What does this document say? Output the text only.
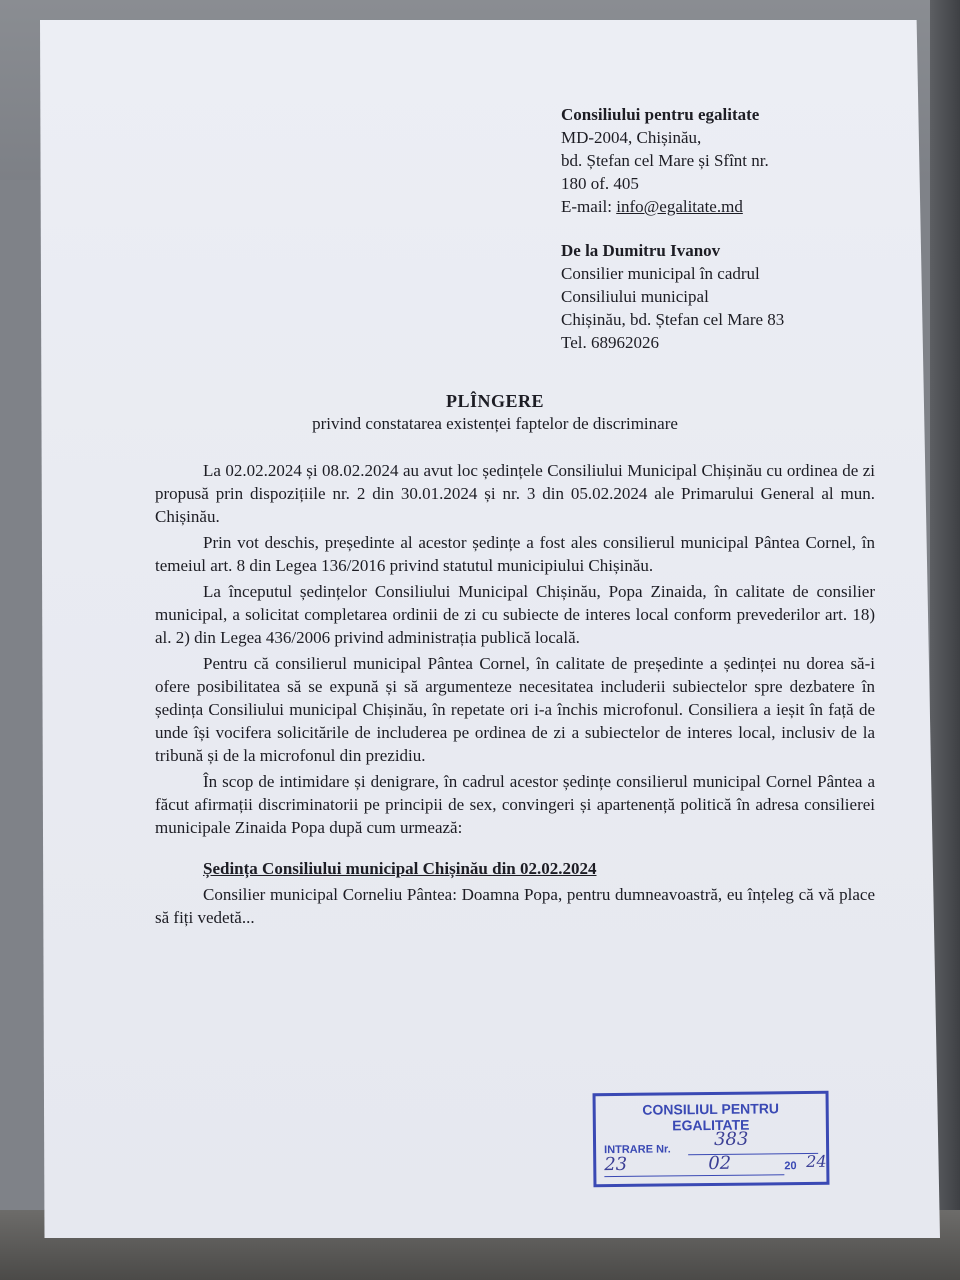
Consiliului pentru egalitate
MD-2004, Chișinău,
bd. Ștefan cel Mare și Sfînt nr.
180 of. 405
E-mail: info@egalitate.md
De la Dumitru Ivanov
Consilier municipal în cadrul
Consiliului municipal
Chișinău, bd. Ștefan cel Mare 83
Tel. 68962026
PLÎNGERE
privind constatarea existenței faptelor de discriminare

La 02.02.2024 și 08.02.2024 au avut loc ședințele Consiliului Municipal Chișinău cu ordinea de zi propusă prin dispozițiile nr. 2 din 30.01.2024 și nr. 3 din 05.02.2024 ale Primarului General al mun. Chișinău.

Prin vot deschis, președinte al acestor ședințe a fost ales consilierul municipal Pântea Cornel, în temeiul art. 8 din Legea 136/2016 privind statutul municipiului Chișinău.

La începutul ședințelor Consiliului Municipal Chișinău, Popa Zinaida, în calitate de consilier municipal, a solicitat completarea ordinii de zi cu subiecte de interes local conform prevederilor art. 18) al. 2) din Legea 436/2006 privind administrația publică locală.

Pentru că consilierul municipal Pântea Cornel, în calitate de președinte a ședinței nu dorea să-i ofere posibilitatea să se expună și să argumenteze necesitatea includerii subiectelor spre dezbatere în ședința Consiliului municipal Chișinău, în repetate ori i-a închis microfonul. Consiliera a ieșit în față de unde își vocifera solicitările de includerea pe ordinea de zi a subiectelor de interes local, inclusiv de la tribună și de la microfonul din prezidiu.

În scop de intimidare și denigrare, în cadrul acestor ședințe consilierul municipal Cornel Pântea a făcut afirmații discriminatorii pe principii de sex, convingeri și apartenență politică în adresa consilierei municipale Zinaida Popa după cum urmează:

Ședința Consiliului municipal Chișinău din 02.02.2024

Consilier municipal Corneliu Pântea: Doamna Popa, pentru dumneavoastră, eu înțeleg că vă place să fiți vedetă...

CONSILIUL PENTRU
EGALITATE
INTRARE Nr. 383
23	02	20 24
